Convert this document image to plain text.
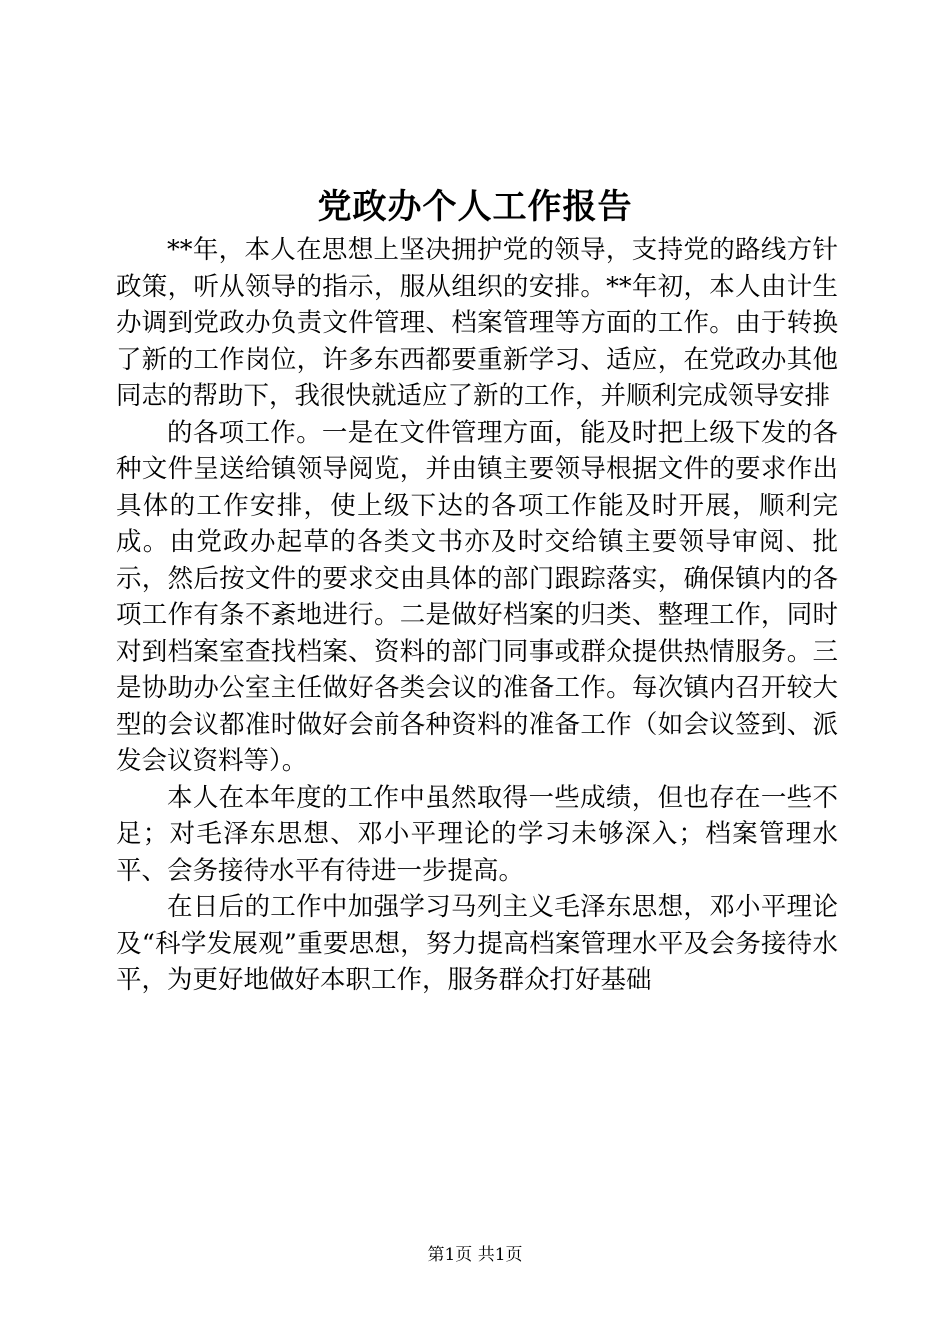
党政办个人工作报告

**年，本人在思想上坚决拥护党的领导，支持党的路线方针政策，听从领导的指示，服从组织的安排。**年初，本人由计生办调到党政办负责文件管理、档案管理等方面的工作。由于转换了新的工作岗位，许多东西都要重新学习、适应，在党政办其他同志的帮助下，我很快就适应了新的工作，并顺利完成领导安排

的各项工作。一是在文件管理方面，能及时把上级下发的各种文件呈送给镇领导阅览，并由镇主要领导根据文件的要求作出具体的工作安排，使上级下达的各项工作能及时开展，顺利完成。由党政办起草的各类文书亦及时交给镇主要领导审阅、批示，然后按文件的要求交由具体的部门跟踪落实，确保镇内的各项工作有条不紊地进行。二是做好档案的归类、整理工作，同时对到档案室查找档案、资料的部门同事或群众提供热情服务。三是协助办公室主任做好各类会议的准备工作。每次镇内召开较大型的会议都准时做好会前各种资料的准备工作（如会议签到、派发会议资料等）。

本人在本年度的工作中虽然取得一些成绩，但也存在一些不足；对毛泽东思想、邓小平理论的学习未够深入；档案管理水平、会务接待水平有待进一步提高。

在日后的工作中加强学习马列主义毛泽东思想，邓小平理论及“科学发展观”重要思想，努力提高档案管理水平及会务接待水平，为更好地做好本职工作，服务群众打好基础

第1页 共1页
